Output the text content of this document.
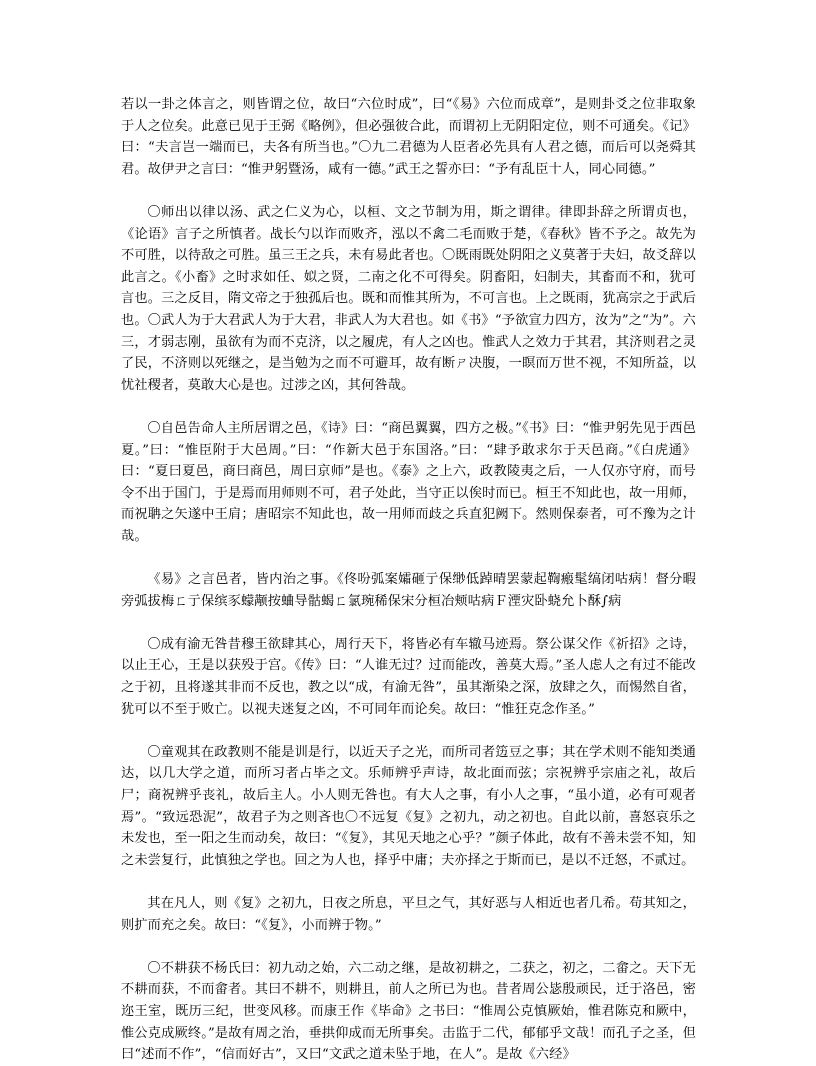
若以一卦之体言之，则皆谓之位，故曰“六位时成”，曰“《易》六位而成章”，是则卦爻之位非取象于人之位矣。此意已见于王弼《略例》，但必强彼合此，而谓初上无阴阳定位，则不可通矣。《记》曰：“夫言岂一端而已，夫各有所当也。”〇九二君德为人臣者必先具有人君之德，而后可以尧舜其君。故伊尹之言曰：“惟尹躬暨汤，咸有一德。”武王之誓亦曰：“予有乱臣十人，同心同德。”

〇师出以律以汤、武之仁义为心，以桓、文之节制为用，斯之谓律。律即卦辞之所谓贞也，《论语》言子之所慎者。战长勺以诈而败齐，泓以不禽二毛而败于楚，《春秋》皆不予之。故先为不可胜，以待敌之可胜。虽三王之兵，未有易此者也。〇既雨既处阴阳之义莫著于夫妇，故爻辞以此言之。《小畜》之时求如任、姒之贤，二南之化不可得矣。阴畜阳，妇制夫，其畜而不和，犹可言也。三之反目，隋文帝之于独孤后也。既和而惟其所为，不可言也。上之既雨，犹高宗之于武后也。〇武人为于大君武人为于大君，非武人为大君也。如《书》“予欲宣力四方，汝为”之“为”。六三，才弱志刚，虽欲有为而不克济，以之履虎，有人之凶也。惟武人之效力于其君，其济则君之灵了民，不济则以死继之，是当勉为之而不可避耳，故有断ㄕ决腹，一瞑而万世不视，不知所益，以忧社稷者，莫敢大心是也。过涉之凶，其何咎哉。

〇自邑告命人主所居谓之邑，《诗》曰：“商邑翼翼，四方之极。”《书》曰：“惟尹躬先见于西邑夏。”曰：“惟臣附于大邑周。”曰：“作新大邑于东国洛。”曰：“肆予敢求尔于天邑商。”《白虎通》曰：“夏曰夏邑，商曰商邑，周曰京师”是也。《泰》之上六，政教陵夷之后，一人仅亦守府，而号令不出于国门，于是焉而用师则不可，君子处此，当守正以俟时而已。桓王不知此也，故一用师，而祝聃之矢遂中王肩；唐昭宗不知此也，故一用师而歧之兵直犯阙下。然则保泰者，可不豫为之计哉。

《易》之言邑者，皆内治之事。《佟吩弧案孀砸亍保缈低踔晴罢蒙起鞫瘢髦缟闭咕病！督分暇旁弧拔梅ㄈ亍保缤豕蠓颟按蛐导骷蝎ㄈ氯琬稀保宋分桓冶颊咕病Ｆ湮灾卧蛲允卜酥∫病

〇成有渝无咎昔穆王欲肆其心，周行天下，将皆必有车辙马迹焉。祭公谋父作《祈招》之诗，以止王心，王是以获殁于宫。《传》曰：“人谁无过？过而能改，善莫大焉。”圣人虑人之有过不能改之于初，且将遂其非而不反也，教之以“成，有渝无咎”，虽其渐染之深，放肆之久，而惕然自省，犹可以不至于败亡。以视夫迷复之凶，不可同年而论矣。故曰：“惟狂克念作圣。”

〇童观其在政教则不能是训是行，以近天子之光，而所司者笾豆之事；其在学术则不能知类通达，以几大学之道，而所习者占毕之文。乐师辨乎声诗，故北面而弦；宗祝辨乎宗庙之礼，故后尸；商祝辨乎丧礼，故后主人。小人则无咎也。有大人之事，有小人之事，“虽小道，必有可观者焉”。“致远恐泥”，故君子为之则吝也〇不远复《复》之初九，动之初也。自此以前，喜怒哀乐之未发也，至一阳之生而动矣，故曰：“《复》，其见天地之心乎？”颜子体此，故有不善未尝不知，知之未尝复行，此慎独之学也。回之为人也，择乎中庸；夫亦择之于斯而已，是以不迁怒，不贰过。

其在凡人，则《复》之初九，日夜之所息，平旦之气，其好恶与人相近也者几希。苟其知之，则扩而充之矣。故曰：“《复》，小而辨于物。”

〇不耕获不杨氏曰：初九动之始，六二动之继，是故初耕之，二获之，初之，二畲之。天下无不耕而获，不而畲者。其曰不耕不，则耕且，前人之所已为也。昔者周公毖殷顽民，迁于洛邑，密迩王室，既历三纪，世变风移。而康王作《毕命》之书曰：“惟周公克慎厥始，惟君陈克和厥中，惟公克成厥终。”是故有周之治，垂拱仰成而无所事矣。击监于二代，郁郁乎文哉！而孔子之圣，但曰“述而不作”，“信而好古”，又曰“文武之道未坠于地，在人”。是故《六经》
